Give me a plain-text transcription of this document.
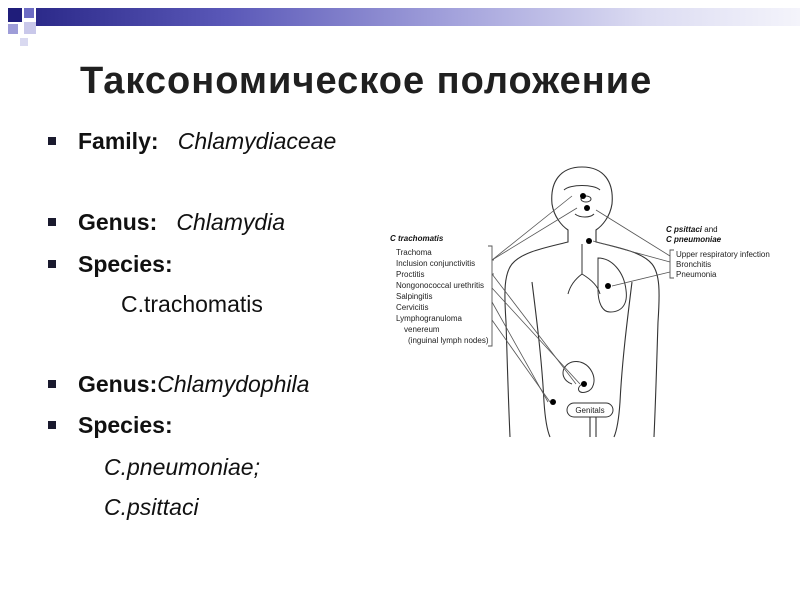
Таксономическое положение
Family: Chlamydiaceae
Genus: Chlamydia
Species:
C.trachomatis
Genus:Chlamydophila
Species:
C.pneumoniae;
C.psittaci
Genitals
C trachomatis
Trachoma
Inclusion conjunctivitis
Proctitis
Nongonococcal urethritis
Salpingitis
Cervicitis
Lymphogranuloma
venereum
(inguinal lymph nodes)
C psittaci and
C pneumoniae
Upper respiratory infection
Bronchitis
Pneumonia
